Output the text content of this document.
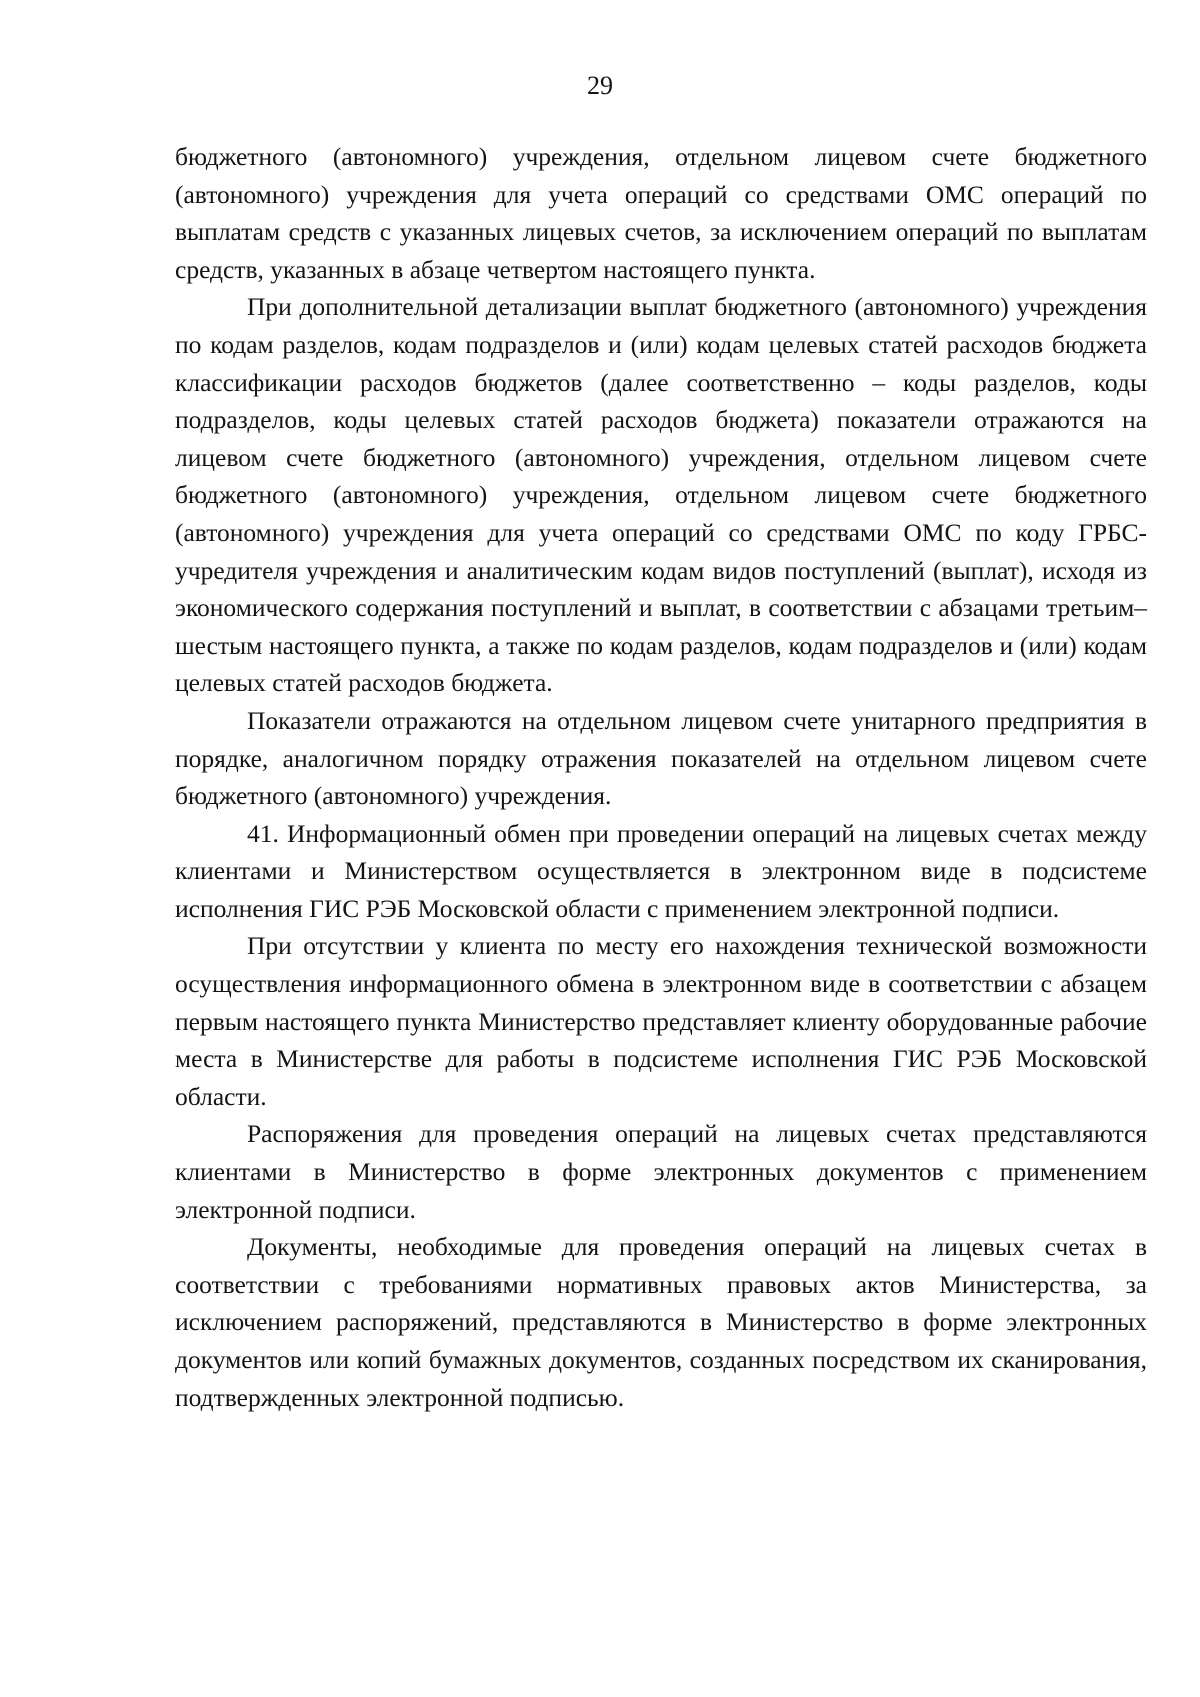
29

бюджетного (автономного) учреждения, отдельном лицевом счете бюджетного (автономного) учреждения для учета операций со средствами ОМС операций по выплатам средств с указанных лицевых счетов, за исключением операций по выплатам средств, указанных в абзаце четвертом настоящего пункта.

При дополнительной детализации выплат бюджетного (автономного) учреждения по кодам разделов, кодам подразделов и (или) кодам целевых статей расходов бюджета классификации расходов бюджетов (далее соответственно – коды разделов, коды подразделов, коды целевых статей расходов бюджета) показатели отражаются на лицевом счете бюджетного (автономного) учреждения, отдельном лицевом счете бюджетного (автономного) учреждения, отдельном лицевом счете бюджетного (автономного) учреждения для учета операций со средствами ОМС по коду ГРБС-учредителя учреждения и аналитическим кодам видов поступлений (выплат), исходя из экономического содержания поступлений и выплат, в соответствии с абзацами третьим–шестым настоящего пункта, а также по кодам разделов, кодам подразделов и (или) кодам целевых статей расходов бюджета.

Показатели отражаются на отдельном лицевом счете унитарного предприятия в порядке, аналогичном порядку отражения показателей на отдельном лицевом счете бюджетного (автономного) учреждения.

41. Информационный обмен при проведении операций на лицевых счетах между клиентами и Министерством осуществляется в электронном виде в подсистеме исполнения ГИС РЭБ Московской области с применением электронной подписи.

При отсутствии у клиента по месту его нахождения технической возможности осуществления информационного обмена в электронном виде в соответствии с абзацем первым настоящего пункта Министерство представляет клиенту оборудованные рабочие места в Министерстве для работы в подсистеме исполнения ГИС РЭБ Московской области.

Распоряжения для проведения операций на лицевых счетах представляются клиентами в Министерство в форме электронных документов с применением электронной подписи.

Документы, необходимые для проведения операций на лицевых счетах в соответствии с требованиями нормативных правовых актов Министерства, за исключением распоряжений, представляются в Министерство в форме электронных документов или копий бумажных документов, созданных посредством их сканирования, подтвержденных электронной подписью.
